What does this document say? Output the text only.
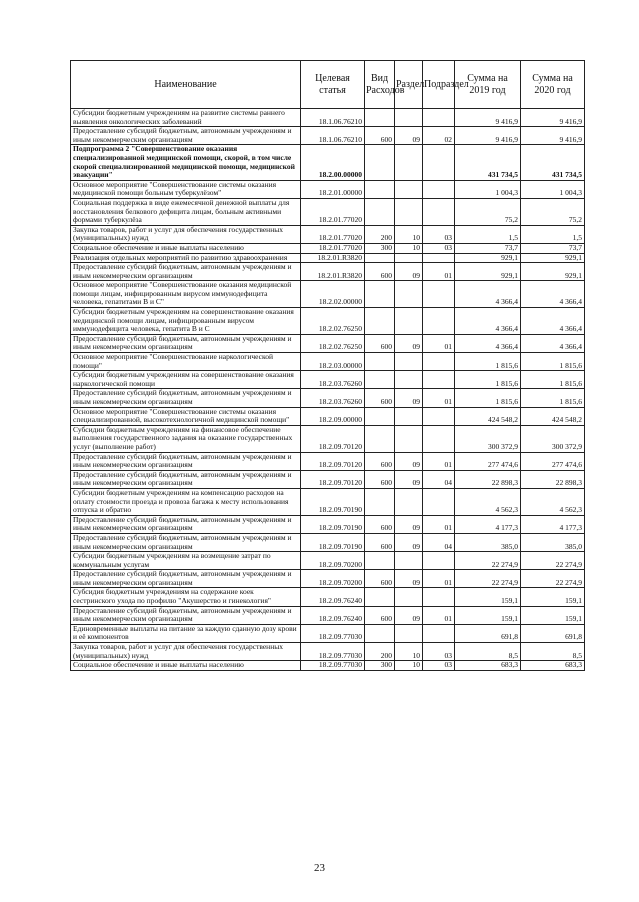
Наименование	Целевая статья	Вид Расходов	Раздел	Подраздел	Сумма на 2019 год	Сумма на 2020 год
Субсидии бюджетным учреждениям на развитие системы раннего выявления онкологических заболеваний	18.1.06.76210				9 416,9	9 416,9
Предоставление субсидий бюджетным, автономным учреждениям и иным некоммерческим организациям	18.1.06.76210	600	09	02	9 416,9	9 416,9
Подпрограмма 2 "Совершенствование оказания специализированной медицинской помощи, скорой, в том числе скорой специализированной медицинской помощи, медицинской эвакуации"	18.2.00.00000				431 734,5	431 734,5
Основное мероприятие "Совершенствование системы оказания медицинской помощи больным туберкулёзом"	18.2.01.00000				1 004,3	1 004,3
Социальная поддержка в виде ежемесячной денежной выплаты для восстановления белкового дефицита лицам, больным активными формами туберкулёза	18.2.01.77020				75,2	75,2
Закупка товаров, работ и услуг для обеспечения государственных (муниципальных) нужд	18.2.01.77020	200	10	03	1,5	1,5
Социальное обеспечение и иные выплаты населению	18.2.01.77020	300	10	03	73,7	73,7
Реализация отдельных мероприятий по развитию здравоохранения	18.2.01.R3820				929,1	929,1
Предоставление субсидий бюджетным, автономным учреждениям и иным некоммерческим организациям	18.2.01.R3820	600	09	01	929,1	929,1
Основное мероприятие "Совершенствование оказания медицинской помощи лицам, инфицированным вирусом иммунодефицита человека, гепатитами В и С"	18.2.02.00000				4 366,4	4 366,4
Субсидии бюджетным учреждениям на совершенствование оказания медицинской помощи лицам, инфицированным вирусом иммунодефицита человека, гепатита В и С	18.2.02.76250				4 366,4	4 366,4
Предоставление субсидий бюджетным, автономным учреждениям и иным некоммерческим организациям	18.2.02.76250	600	09	01	4 366,4	4 366,4
Основное мероприятие "Совершенствование наркологической помощи"	18.2.03.00000				1 815,6	1 815,6
Субсидии бюджетным учреждениям на совершенствование оказания наркологической помощи	18.2.03.76260				1 815,6	1 815,6
Предоставление субсидий бюджетным, автономным учреждениям и иным некоммерческим организациям	18.2.03.76260	600	09	01	1 815,6	1 815,6
Основное мероприятие "Совершенствование системы оказания специализированной, высокотехнологичной медицинской помощи"	18.2.09.00000				424 548,2	424 548,2
Субсидии бюджетным учреждениям на финансовое обеспечение выполнения государственного задания на оказание государственных услуг (выполнение работ)	18.2.09.70120				300 372,9	300 372,9
Предоставление субсидий бюджетным, автономным учреждениям и иным некоммерческим организациям	18.2.09.70120	600	09	01	277 474,6	277 474,6
Предоставление субсидий бюджетным, автономным учреждениям и иным некоммерческим организациям	18.2.09.70120	600	09	04	22 898,3	22 898,3
Субсидии бюджетным учреждениям на компенсацию расходов на оплату стоимости проезда и провоза багажа к месту использования отпуска и обратно	18.2.09.70190				4 562,3	4 562,3
Предоставление субсидий бюджетным, автономным учреждениям и иным некоммерческим организациям	18.2.09.70190	600	09	01	4 177,3	4 177,3
Предоставление субсидий бюджетным, автономным учреждениям и иным некоммерческим организациям	18.2.09.70190	600	09	04	385,0	385,0
Субсидии бюджетным учреждениям на возмещение затрат по коммунальным услугам	18.2.09.70200				22 274,9	22 274,9
Предоставление субсидий бюджетным, автономным учреждениям и иным некоммерческим организациям	18.2.09.70200	600	09	01	22 274,9	22 274,9
Субсидия бюджетным учреждениям на содержание коек сестринского ухода по профилю "Акушерство и гинекология"	18.2.09.76240				159,1	159,1
Предоставление субсидий бюджетным, автономным учреждениям и иным некоммерческим организациям	18.2.09.76240	600	09	01	159,1	159,1
Единовременные выплаты на питание за каждую сданную дозу крови и её компонентов	18.2.09.77030				691,8	691,8
Закупка товаров, работ и услуг для обеспечения государственных (муниципальных) нужд	18.2.09.77030	200	10	03	8,5	8,5
Социальное обеспечение и иные выплаты населению	18.2.09.77030	300	10	03	683,3	683,3
23
